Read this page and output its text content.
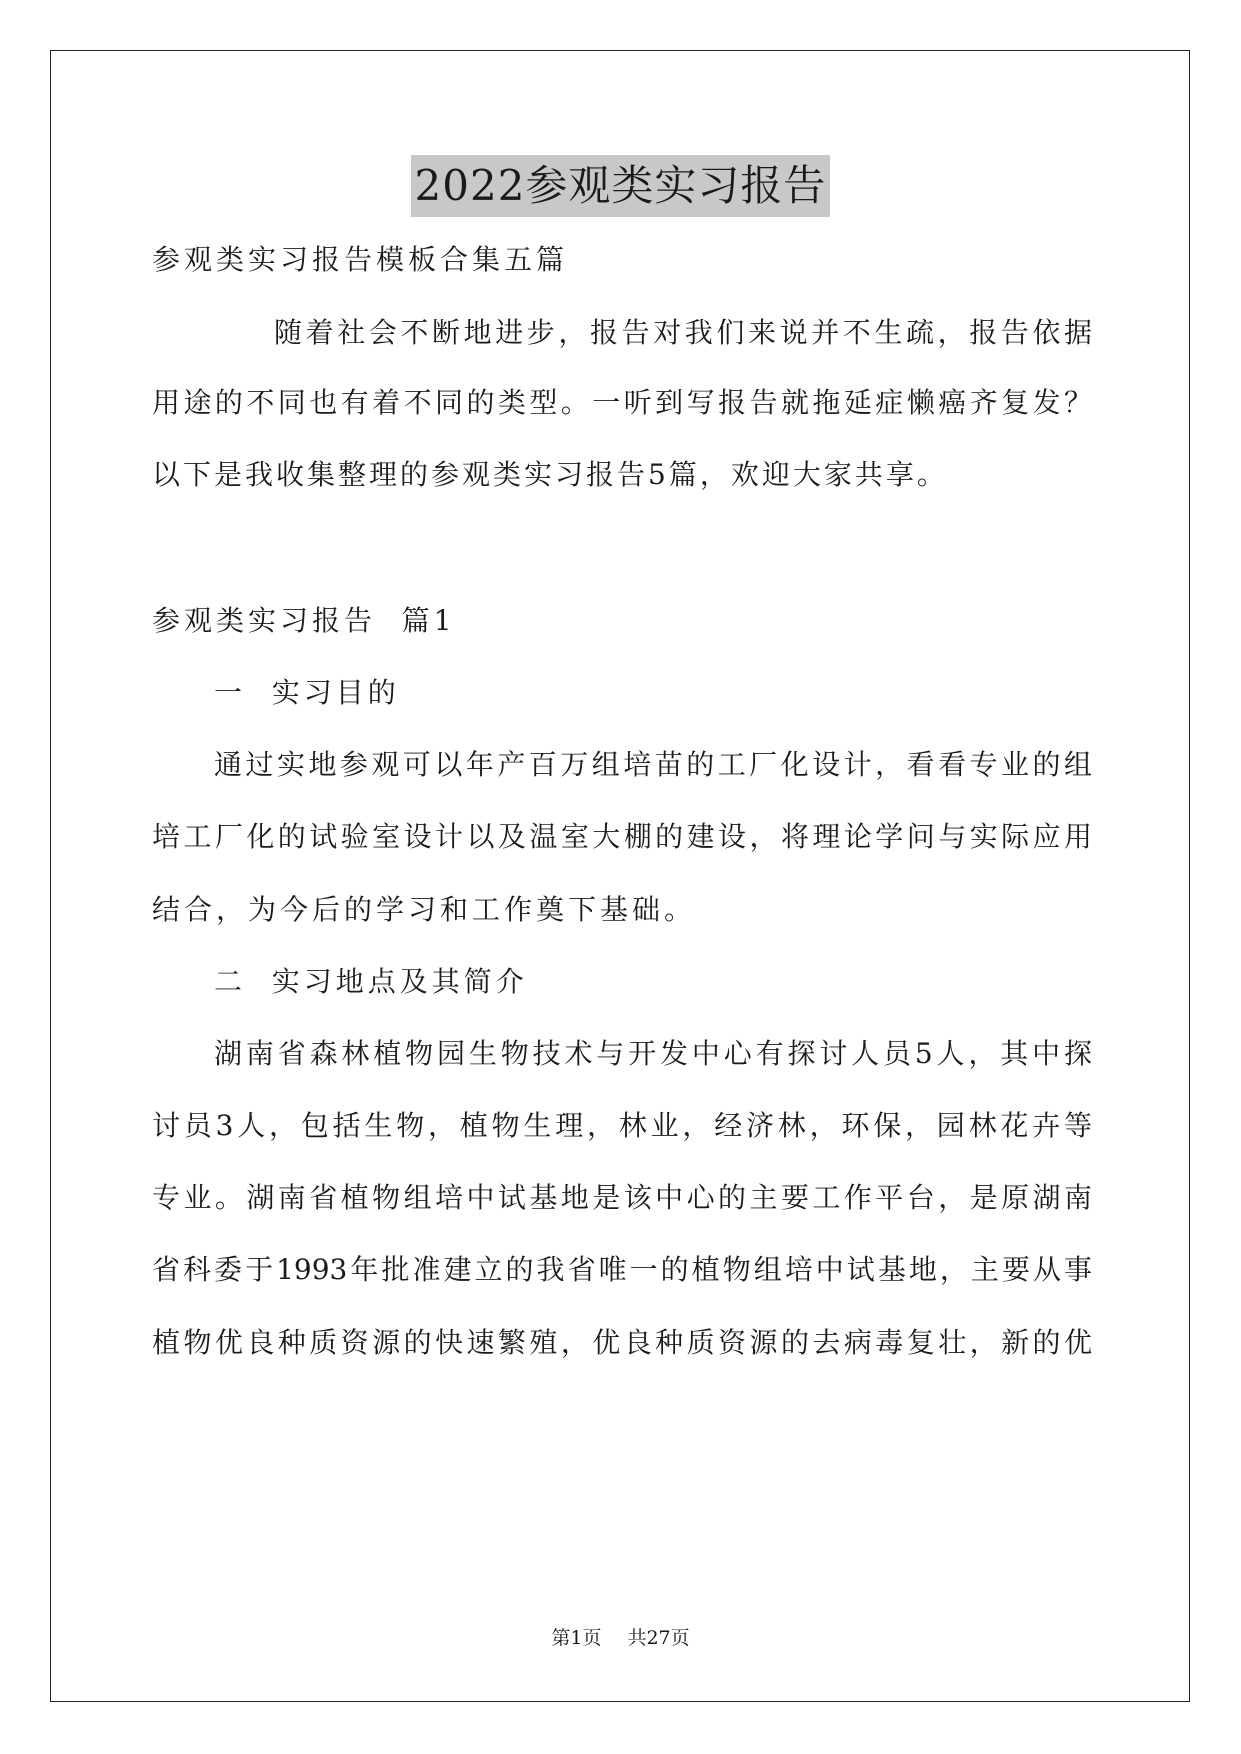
2022参观类实习报告
参观类实习报告模板合集五篇
随着社会不断地进步，报告对我们来说并不生疏，报告依据
用途的不同也有着不同的类型。一听到写报告就拖延症懒癌齐复发？
以下是我收集整理的参观类实习报告5篇，欢迎大家共享。
参观类实习报告  篇1
一  实习目的
通过实地参观可以年产百万组培苗的工厂化设计，看看专业的组
培工厂化的试验室设计以及温室大棚的建设，将理论学问与实际应用
结合，为今后的学习和工作奠下基础。
二  实习地点及其简介
湖南省森林植物园生物技术与开发中心有探讨人员5人，其中探
讨员3人，包括生物，植物生理，林业，经济林，环保，园林花卉等
专业。湖南省植物组培中试基地是该中心的主要工作平台，是原湖南
省科委于1993年批准建立的我省唯一的植物组培中试基地，主要从事
植物优良种质资源的快速繁殖，优良种质资源的去病毒复壮，新的优
第1页 共27页
